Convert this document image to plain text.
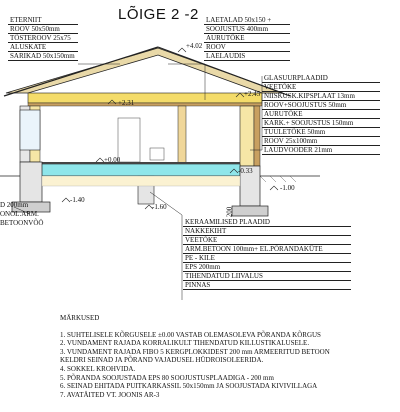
LÕIGE 2 -2
ETERNIIT
ROOV 50x50mm
TÕSTEROOV 25x75
ALUSKATE
SARIKAD 50x150mm
LAETALAD 50x150 +
SOOJUSTUS 400mm
AURUTÕKE
ROOV
LAELAUDIS
GLASUURPLAADID
VEETÕKE
NIISKUSK.KIPSPLAAT 13mm
ROOV+SOOJUSTUS 50mm
AURUTÕKE
KARK.+ SOOJUSTUS 150mm
TUULETÕKE 50mm
ROOV 25x100mm
LAUDVOODER 21mm
KERAAMILISED PLAADID
NAKKEKIHT
VEETÕKE
ARM.BETOON 100mm+ EL.PÕRANDAKÜTE
PE - KILE
EPS 200mm
TIHENDATUD LIIVALUS
PINNAS
+4.02
+2.31
+2.45
+0.00
-0.33
-1.00
-1.40
-1.60	200
D 200mm
ONOL.ARM.
BETOONVÕÖ
MÄRKUSED
1. SUHTELISELE KÕRGUSELE ±0.00 VASTAB OLEMASOLEVA PÕRANDA KÕRGUS
2. VUNDAMENT RAJADA KORRALIKULT TIHENDATUD KILLUSTIKALUSELE.
3. VUNDAMENT RAJADA FIBO 5 KERGPLOKKIDEST 200 mm ARMEERITUD BETOON
KELDRI SEINAD JA PÕRAND VAJADUSEL HÜDROISOLEERIDA.
4. SOKKEL KROHVIDA.
5. PÕRANDA SOOJUSTADA EPS 80 SOOJUSTUSPLAADIGA - 200 mm
6. SEINAD EHITADA PUITKARKASSIL 50x150mm JA SOOJUSTADA KIVIVILLAGA
7. AVATÄITED VT. JOONIS AR-3
